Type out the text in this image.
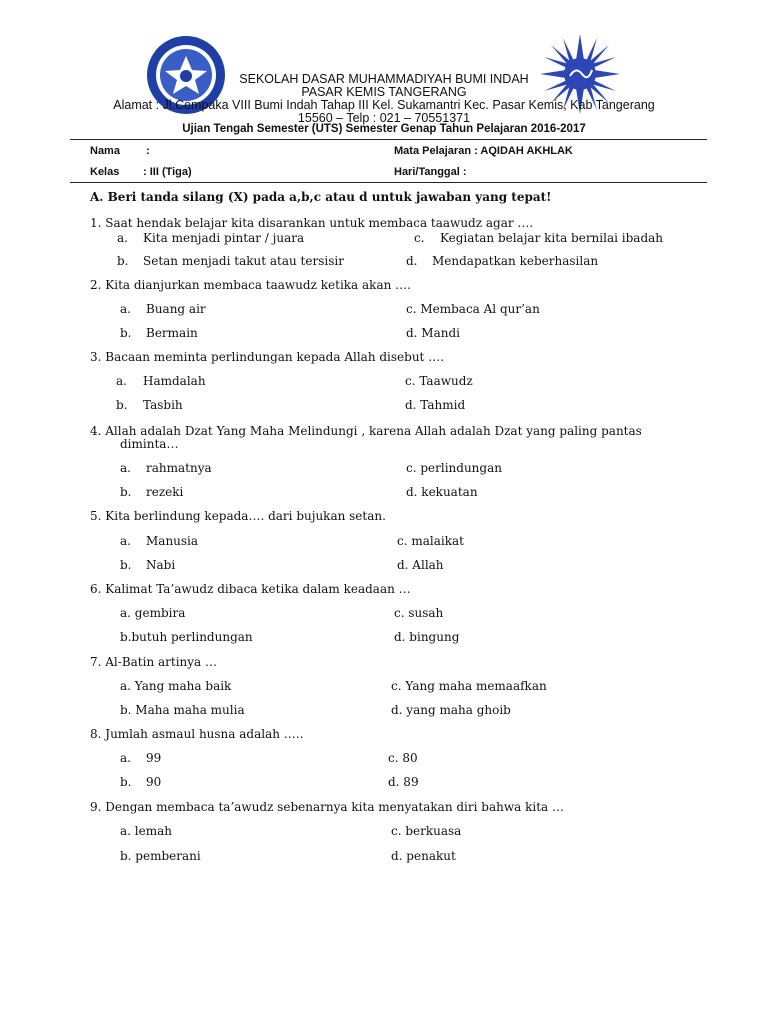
SEKOLAH DASAR MUHAMMADIYAH BUMI INDAH
PASAR KEMIS TANGERANG
Alamat : Jl.Cempaka VIII Bumi Indah Tahap III Kel. Sukamantri Kec. Pasar Kemis, Kab Tangerang
15560 – Telp : 021 – 70551371
Ujian Tengah Semester (UTS) Semester Genap Tahun Pelajaran 2016-2017
Nama :	Mata Pelajaran : AQIDAH AKHLAK
Kelas : III (Tiga)	Hari/Tanggal :
A. Beri tanda silang (X) pada a,b,c atau d untuk jawaban yang tepat!
1. Saat hendak belajar kita disarankan untuk membaca taawudz agar ….
a. Kita menjadi pintar / juara	c. Kegiatan belajar kita bernilai ibadah
b. Setan menjadi takut atau tersisir	d. Mendapatkan keberhasilan
2. Kita dianjurkan membaca taawudz ketika akan ….
a. Buang air	c. Membaca Al qur’an
b. Bermain	d. Mandi
3. Bacaan meminta perlindungan kepada Allah disebut ….
a. Hamdalah	c. Taawudz
b. Tasbih	d. Tahmid
4. Allah adalah Dzat Yang Maha Melindungi , karena Allah adalah Dzat yang paling pantas
diminta…
a. rahmatnya	c. perlindungan
b. rezeki	d. kekuatan
5. Kita berlindung kepada…. dari bujukan setan.
a. Manusia	c. malaikat
b. Nabi	d. Allah
6. Kalimat Ta’awudz dibaca ketika dalam keadaan …
a. gembira	c. susah
b.butuh perlindungan	d. bingung
7. Al-Batin artinya …
a. Yang maha baik	c. Yang maha memaafkan
b. Maha maha mulia	d. yang maha ghoib
8. Jumlah asmaul husna adalah …..
a. 99	c. 80
b. 90	d. 89
9. Dengan membaca ta’awudz sebenarnya kita menyatakan diri bahwa kita …
a. lemah	c. berkuasa
b. pemberani	d. penakut
